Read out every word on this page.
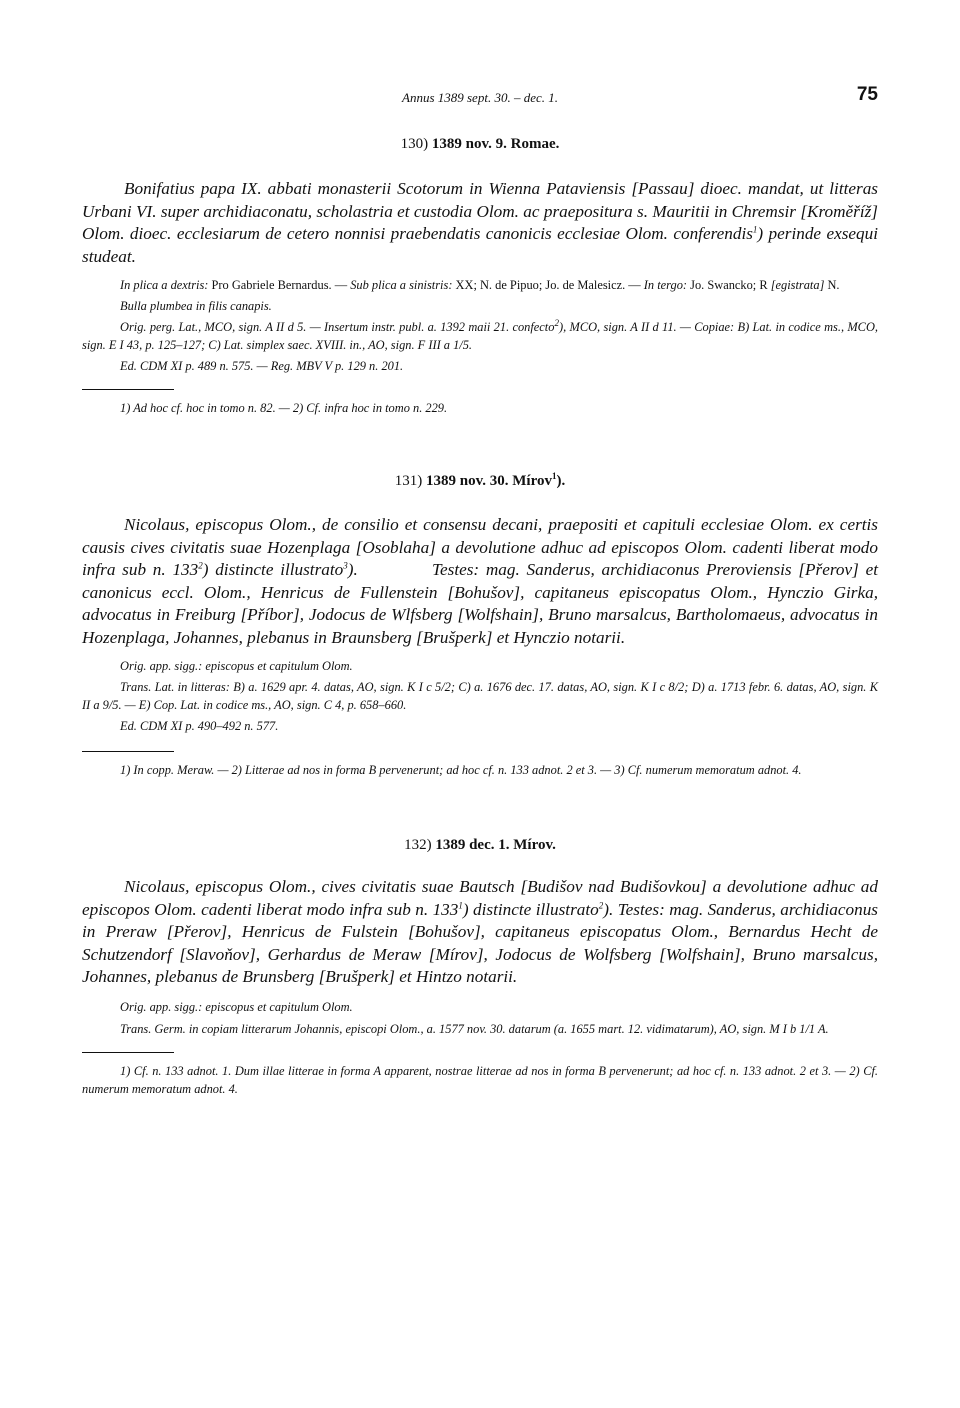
Annus 1389 sept. 30. – dec. 1.	75

130) 1389 nov. 9. Romae.

Bonifatius papa IX. abbati monasterii Scotorum in Wienna Pataviensis [Passau] dioec. mandat, ut litteras Urbani VI. super archidiaconatu, scholastria et custodia Olom. ac praepositura s. Mauritii in Chremsir [Kroměříž] Olom. dioec. ecclesiarum de cetero nonnisi praebendatis canonicis ecclesiae Olom. conferendis$^1$) perinde exsequi studeat.

In plica a dextris: Pro Gabriele Bernardus. — Sub plica a sinistris: XX; N. de Pipuo; Jo. de Malesicz. — In tergo: Jo. Swancko; R [egistrata] N.

Bulla plumbea in filis canapis.

Orig. perg. Lat., MCO, sign. A II d 5. — Insertum instr. publ. a. 1392 maii 21. confecto$^2$), MCO, sign. A II d 11. — Copiae: B) Lat. in codice ms., MCO, sign. E I 43, p. 125–127; C) Lat. simplex saec. XVIII. in., AO, sign. F III a 1/5.

Ed. CDM XI p. 489 n. 575. — Reg. MBV V p. 129 n. 201.

1) Ad hoc cf. hoc in tomo n. 82. — 2) Cf. infra hoc in tomo n. 229.

131) 1389 nov. 30. Mírov$^1$).

Nicolaus, episcopus Olom., de consilio et consensu decani, praepositi et capituli ecclesiae Olom. ex certis causis cives civitatis suae Hozenplaga [Osoblaha] a devolutione adhuc ad episcopos Olom. cadenti liberat modo infra sub n. $133^2$) distincte illustrato$^3$).           Testes: mag. Sanderus, archidiaconus Preroviensis [Přerov] et canonicus eccl. Olom., Henricus de Fullenstein [Bohušov], capitaneus episcopatus Olom., Hynczio Girka, advocatus in Freiburg [Příbor], Jodocus de Wlfsberg [Wolfshain], Bruno marsalcus, Bartholomaeus, advocatus in Hozenplaga, Johannes, plebanus in Braunsberg [Brušperk] et Hynczio notarii.

Orig. app. sigg.: episcopus et capitulum Olom.

Trans. Lat. in litteras: B) a. 1629 apr. 4. datas, AO, sign. K I c 5/2; C) a. 1676 dec. 17. datas, AO, sign. K I c 8/2; D) a. 1713 febr. 6. datas, AO, sign. K II a 9/5. — E) Cop. Lat. in codice ms., AO, sign. C 4, p. 658–660.

Ed. CDM XI p. 490–492 n. 577.

1) In copp. Meraw. — 2) Litterae ad nos in forma B pervenerunt; ad hoc cf. n. 133 adnot. 2 et 3. — 3) Cf. numerum memoratum adnot. 4.

132) 1389 dec. 1. Mírov.

Nicolaus, episcopus Olom., cives civitatis suae Bautsch [Budišov nad Budišovkou] a devolutione adhuc ad episcopos Olom. cadenti liberat modo infra sub n. $133^1$) distincte illustrato$^2$). Testes: mag. Sanderus, archidiaconus in Preraw [Přerov], Henricus de Fulstein [Bohušov], capitaneus episcopatus Olom., Bernardus Hecht de Schutzendorf [Slavoňov], Gerhardus de Meraw [Mírov], Jodocus de Wolfsberg [Wolfshain], Bruno marsalcus, Johannes, plebanus de Brunsberg [Brušperk] et Hintzo notarii.

Orig. app. sigg.: episcopus et capitulum Olom.

Trans. Germ. in copiam litterarum Johannis, episcopi Olom., a. 1577 nov. 30. datarum (a. 1655 mart. 12. vidimatarum), AO, sign. M I b 1/1 A.

1) Cf. n. 133 adnot. 1. Dum illae litterae in forma A apparent, nostrae litterae ad nos in forma B pervenerunt; ad hoc cf. n. 133 adnot. 2 et 3. — 2) Cf. numerum memoratum adnot. 4.
